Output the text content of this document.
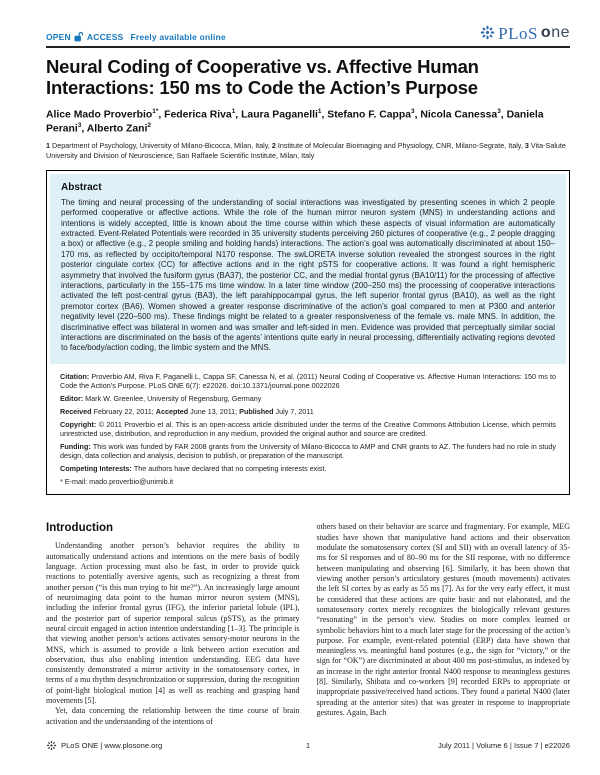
OPEN ACCESS Freely available online	PLoS one
Neural Coding of Cooperative vs. Affective Human Interactions: 150 ms to Code the Action’s Purpose

Alice Mado Proverbio$^{1*}$, Federica Riva$^1$, Laura Paganelli$^1$, Stefano F. Cappa$^3$, Nicola Canessa$^3$, Daniela Perani$^3$, Alberto Zani$^2$

1 Department of Psychology, University of Milano-Bicocca, Milan, Italy, 2 Institute of Molecular Bioimaging and Physiology, CNR, Milano-Segrate, Italy, 3 Vita-Salute University and Division of Neuroscience, San Raffaele Scientific Institute, Milan, Italy

Abstract

The timing and neural processing of the understanding of social interactions was investigated by presenting scenes in which 2 people performed cooperative or affective actions. While the role of the human mirror neuron system (MNS) in understanding actions and intentions is widely accepted, little is known about the time course within which these aspects of visual information are automatically extracted. Event-Related Potentials were recorded in 35 university students perceiving 260 pictures of cooperative (e.g., 2 people dragging a box) or affective (e.g., 2 people smiling and holding hands) interactions. The action’s goal was automatically discriminated at about 150–170 ms, as reflected by occipito/temporal N170 response. The swLORETA inverse solution revealed the strongest sources in the right posterior cingulate cortex (CC) for affective actions and in the right pSTS for cooperative actions. It was found a right hemispheric asymmetry that involved the fusiform gyrus (BA37), the posterior CC, and the medial frontal gyrus (BA10/11) for the processing of affective interactions, particularly in the 155–175 ms time window. In a later time window (200–250 ms) the processing of cooperative interactions activated the left post-central gyrus (BA3), the left parahippocampal gyrus, the left superior frontal gyrus (BA10), as well as the right premotor cortex (BA6). Women showed a greater response discriminative of the action’s goal compared to men at P300 and anterior negativity level (220–500 ms). These findings might be related to a greater responsiveness of the female vs. male MNS. In addition, the discriminative effect was bilateral in women and was smaller and left-sided in men. Evidence was provided that perceptually similar social interactions are discriminated on the basis of the agents’ intentions quite early in neural processing, differentially activating regions devoted to face/body/action coding, the limbic system and the MNS.

Citation: Proverbio AM, Riva F, Paganelli L, Cappa SF, Canessa N, et al. (2011) Neural Coding of Cooperative vs. Affective Human Interactions: 150 ms to Code the Action’s Purpose. PLoS ONE 6(7): e22026. doi:10.1371/journal.pone.0022026

Editor: Mark W. Greenlee, University of Regensburg, Germany

Received February 22, 2011; Accepted June 13, 2011; Published July 7, 2011

Copyright: © 2011 Proverbio et al. This is an open-access article distributed under the terms of the Creative Commons Attribution License, which permits unrestricted use, distribution, and reproduction in any medium, provided the original author and source are credited.

Funding: This work was funded by FAR 2008 grants from the University of Milano-Bicocca to AMP and CNR grants to AZ. The funders had no role in study design, data collection and analysis, decision to publish, or preparation of the manuscript.

Competing Interests: The authors have declared that no competing interests exist.

* E-mail: mado.proverbio@unimib.it

Introduction

Understanding another person’s behavior requires the ability to automatically understand actions and intentions on the mere basis of bodily language. Action processing must also be fast, in order to provide quick reactions to potentially aversive agents, such as recognizing a threat from another person (“is this man trying to hit me?”). An increasingly large amount of neuroimaging data point to the human mirror neuron system (MNS), including the inferior frontal gyrus (IFG), the inferior parietal lobule (IPL), and the posterior part of superior temporal sulcus (pSTS), as the primary neural circuit engaged in action intention understanding [1–3]. The principle is that viewing another person’s actions activates sensory-motor neurons in the MNS, which is assumed to provide a link between action execution and observation, thus also enabling intention understanding. EEG data have consistently demonstrated a mirror activity in the somatosensory cortex, in terms of a mu rhythm desynchronization or suppression, during the recognition of point-light biological motion [4] as well as reaching and grasping hand movements [5].

Yet, data concerning the relationship between the time course of brain activation and the understanding of the intentions of

others based on their behavior are scarce and fragmentary. For example, MEG studies have shown that manipulative hand actions and their observation modulate the somatosensory cortex (SI and SII) with an overall latency of 35-ms for SI responses and of 80–90 ms for the SII response, with no difference between manipulating and observing [6]. Similarly, it has been shown that viewing another person’s articulatory gestures (mouth movements) activates the left SI cortex by as early as 55 ms [7]. As for the very early effect, it must be considered that these actions are quite basic and not elaborated, and the somatosensory cortex merely recognizes the biologically relevant gestures “resonating” in the person’s view. Studies on more complex learned or symbolic behaviors hint to a much later stage for the processing of the action’s purpose. For example, event-related potential (ERP) data have shown that meaningless vs. meaningful hand postures (e.g., the sign for “victory,” or the sign for “OK”) are discriminated at about 400 ms post-stimulus, as indexed by an increase in the right anterior frontal N400 response to meaningless gestures [8]. Similarly, Shibata and co-workers [9] recorded ERPs to appropriate or inappropriate passive/received hand actions. They found a parietal N400 (later spreading at the anterior sites) that was greater in response to inappropriate gestures. Again, Bach

PLoS ONE | www.plosone.org	1	July 2011 | Volume 6 | Issue 7 | e22026
